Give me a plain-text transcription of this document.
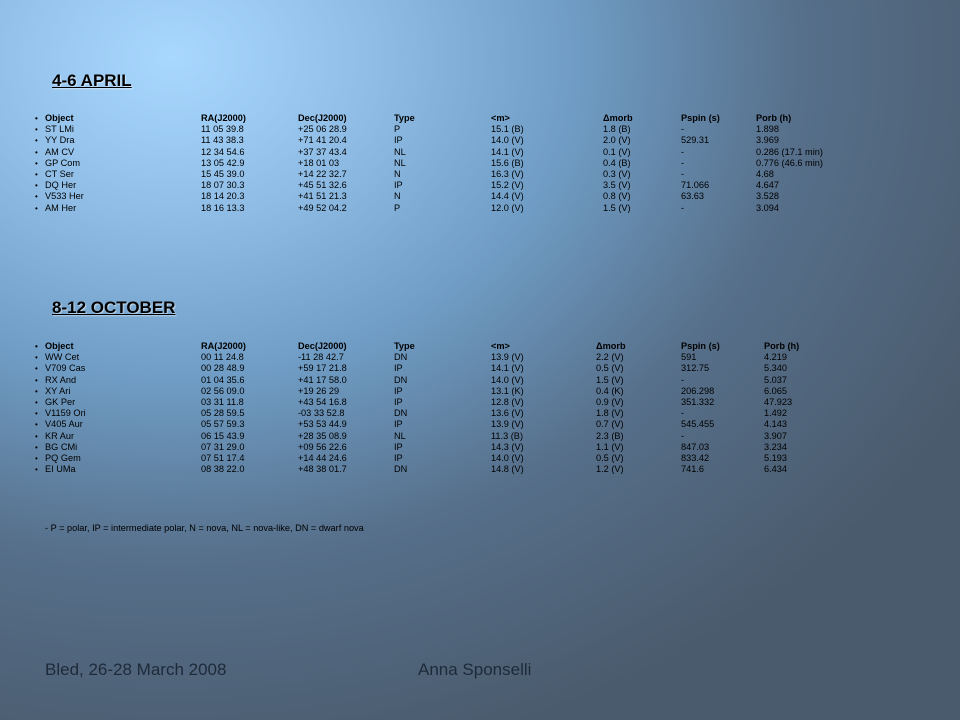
4-6 APRIL
• Object	RA(J2000)	Dec(J2000)	Type	<m>	Δmorb	Pspin (s)	Porb (h)
• ST LMi	11 05 39.8	+25 06 28.9	P	15.1 (B)	1.8 (B)	-	1.898
• YY Dra	11 43 38.3	+71 41 20.4	IP	14.0 (V)	2.0 (V)	529.31	3.969
• AM CV	12 34 54.6	+37 37 43.4	NL	14.1 (V)	0.1 (V)	-	0.286 (17.1 min)
• GP Com	13 05 42.9	+18 01 03	NL	15.6 (B)	0.4 (B)	-	0.776 (46.6 min)
• CT Ser	15 45 39.0	+14 22 32.7	N	16.3 (V)	0.3 (V)	-	4.68
• DQ Her	18 07 30.3	+45 51 32.6	IP	15.2 (V)	3.5 (V)	71.066	4.647
• V533 Her	18 14 20.3	+41 51 21.3	N	14.4 (V)	0.8 (V)	63.63	3.528
• AM Her	18 16 13.3	+49 52 04.2	P	12.0 (V)	1.5 (V)	-	3.094
8-12 OCTOBER
• Object	RA(J2000)	Dec(J2000)	Type	<m>	Δmorb	Pspin (s)	Porb (h)
• WW Cet	00 11 24.8	-11 28 42.7	DN	13.9 (V)	2.2 (V)	591	4.219
• V709 Cas	00 28 48.9	+59 17 21.8	IP	14.1 (V)	0.5 (V)	312.75	5.340
• RX And	01 04 35.6	+41 17 58.0	DN	14.0 (V)	1.5 (V)	-	5.037
• XY Ari	02 56 09.0	+19 26 29	IP	13.1 (K)	0.4 (K)	206.298	6.065
• GK Per	03 31 11.8	+43 54 16.8	IP	12.8 (V)	0.9 (V)	351.332	47.923
• V1159 Ori	05 28 59.5	-03 33 52.8	DN	13.6 (V)	1.8 (V)	-	1.492
• V405 Aur	05 57 59.3	+53 53 44.9	IP	13.9 (V)	0.7 (V)	545.455	4.143
• KR Aur	06 15 43.9	+28 35 08.9	NL	11.3 (B)	2.3 (B)	-	3.907
• BG CMi	07 31 29.0	+09 56 22.6	IP	14.3 (V)	1.1 (V)	847.03	3.234
• PQ Gem	07 51 17.4	+14 44 24.6	IP	14.0 (V)	0.5 (V)	833.42	5.193
• EI UMa	08 38 22.0	+48 38 01.7	DN	14.8 (V)	1.2 (V)	741.6	6.434
- P = polar, IP = intermediate polar, N = nova, NL = nova-like, DN = dwarf nova
Bled, 26-28 March 2008	Anna Sponselli
